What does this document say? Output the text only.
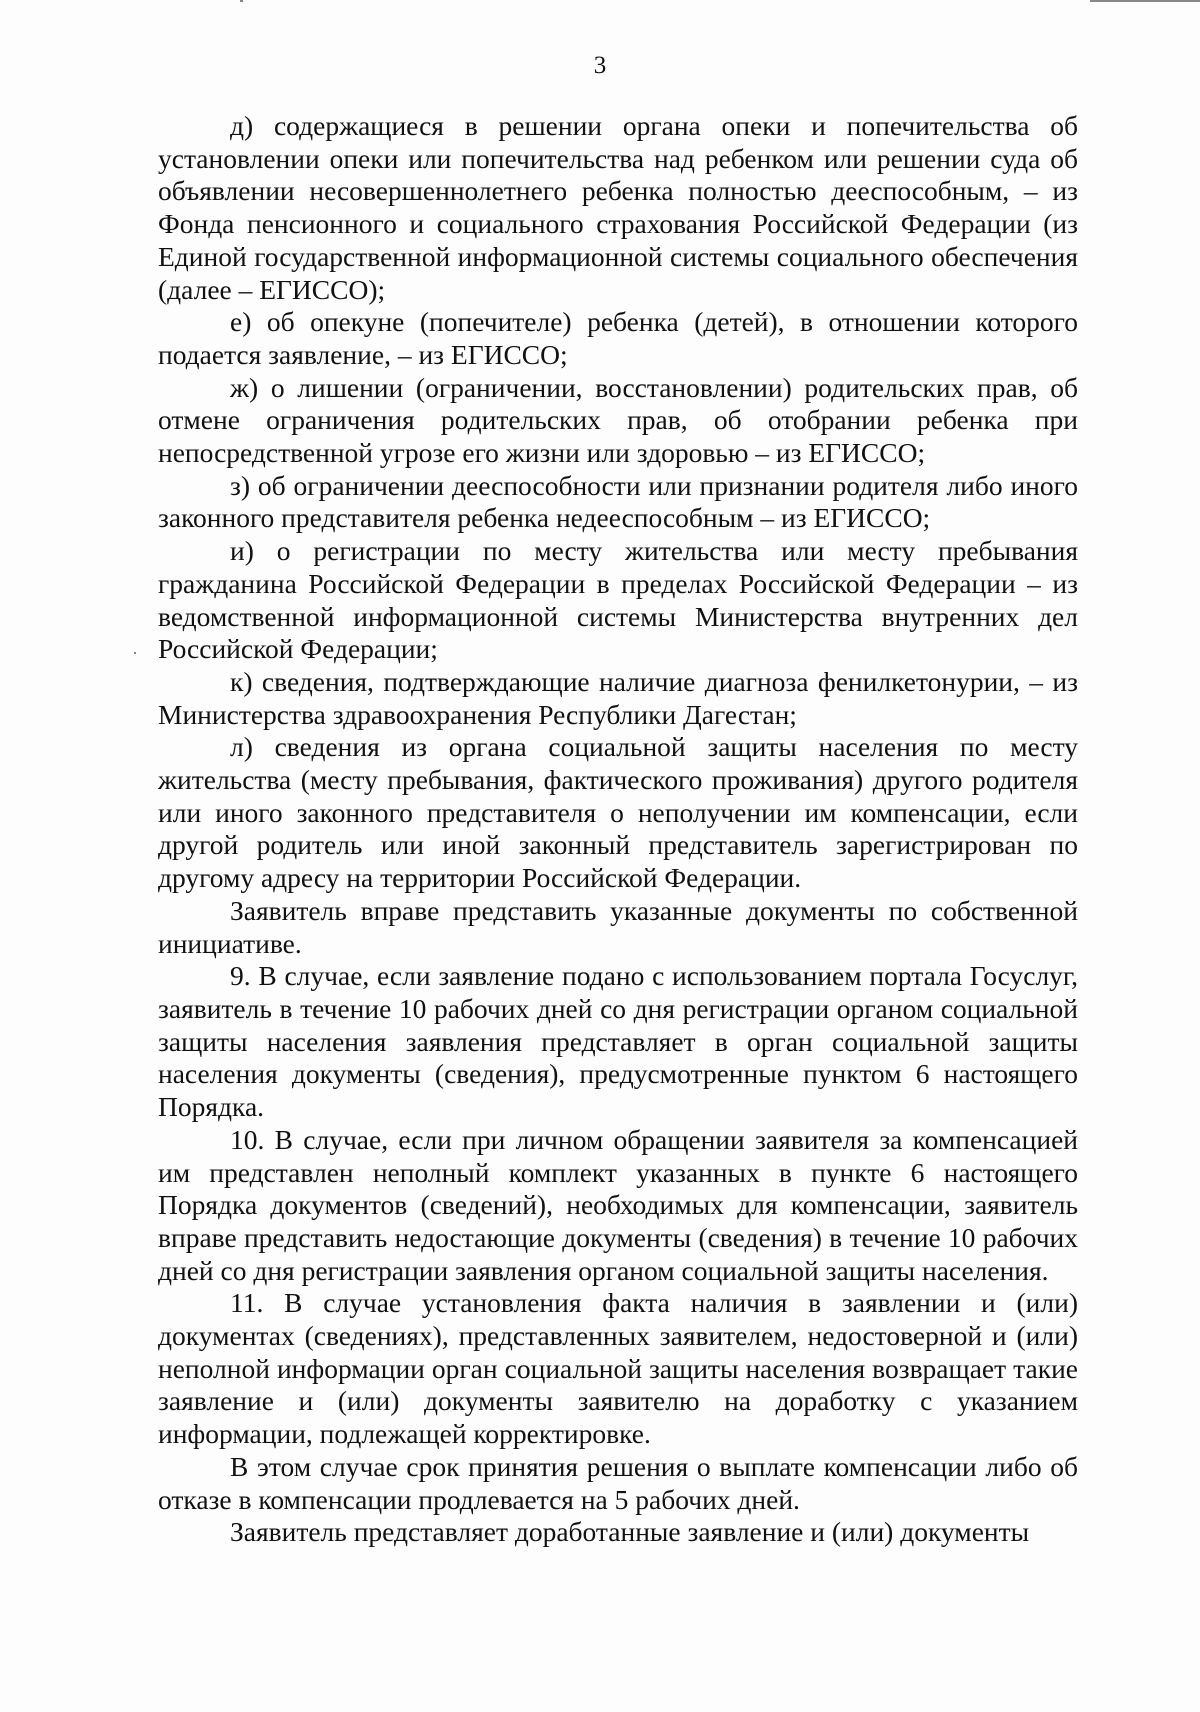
3

д) содержащиеся в решении органа опеки и попечительства об установлении опеки или попечительства над ребенком или решении суда об объявлении несовершеннолетнего ребенка полностью дееспособным, – из Фонда пенсионного и социального страхования Российской Федерации (из Единой государственной информационной системы социального обеспечения (далее – ЕГИССО);

е) об опекуне (попечителе) ребенка (детей), в отношении которого подается заявление, – из ЕГИССО;

ж) о лишении (ограничении, восстановлении) родительских прав, об отмене ограничения родительских прав, об отобрании ребенка при непосредственной угрозе его жизни или здоровью – из ЕГИССО;

з) об ограничении дееспособности или признании родителя либо иного законного представителя ребенка недееспособным – из ЕГИССО;

и) о регистрации по месту жительства или месту пребывания гражданина Российской Федерации в пределах Российской Федерации – из ведомственной информационной системы Министерства внутренних дел Российской Федерации;

к) сведения, подтверждающие наличие диагноза фенилкетонурии, – из Министерства здравоохранения Республики Дагестан;

л) сведения из органа социальной защиты населения по месту жительства (месту пребывания, фактического проживания) другого родителя или иного законного представителя о неполучении им компенсации, если другой родитель или иной законный представитель зарегистрирован по другому адресу на территории Российской Федерации.

Заявитель вправе представить указанные документы по собственной инициативе.

9. В случае, если заявление подано с использованием портала Госуслуг, заявитель в течение 10 рабочих дней со дня регистрации органом социальной защиты населения заявления представляет в орган социальной защиты населения документы (сведения), предусмотренные пунктом 6 настоящего Порядка.

10. В случае, если при личном обращении заявителя за компенсацией им представлен неполный комплект указанных в пункте 6 настоящего Порядка документов (сведений), необходимых для компенсации, заявитель вправе представить недостающие документы (сведения) в течение 10 рабочих дней со дня регистрации заявления органом социальной защиты населения.

11. В случае установления факта наличия в заявлении и (или) документах (сведениях), представленных заявителем, недостоверной и (или) неполной информации орган социальной защиты населения возвращает такие заявление и (или) документы заявителю на доработку с указанием информации, подлежащей корректировке.

В этом случае срок принятия решения о выплате компенсации либо об отказе в компенсации продлевается на 5 рабочих дней.

Заявитель представляет доработанные заявление и (или) документы
